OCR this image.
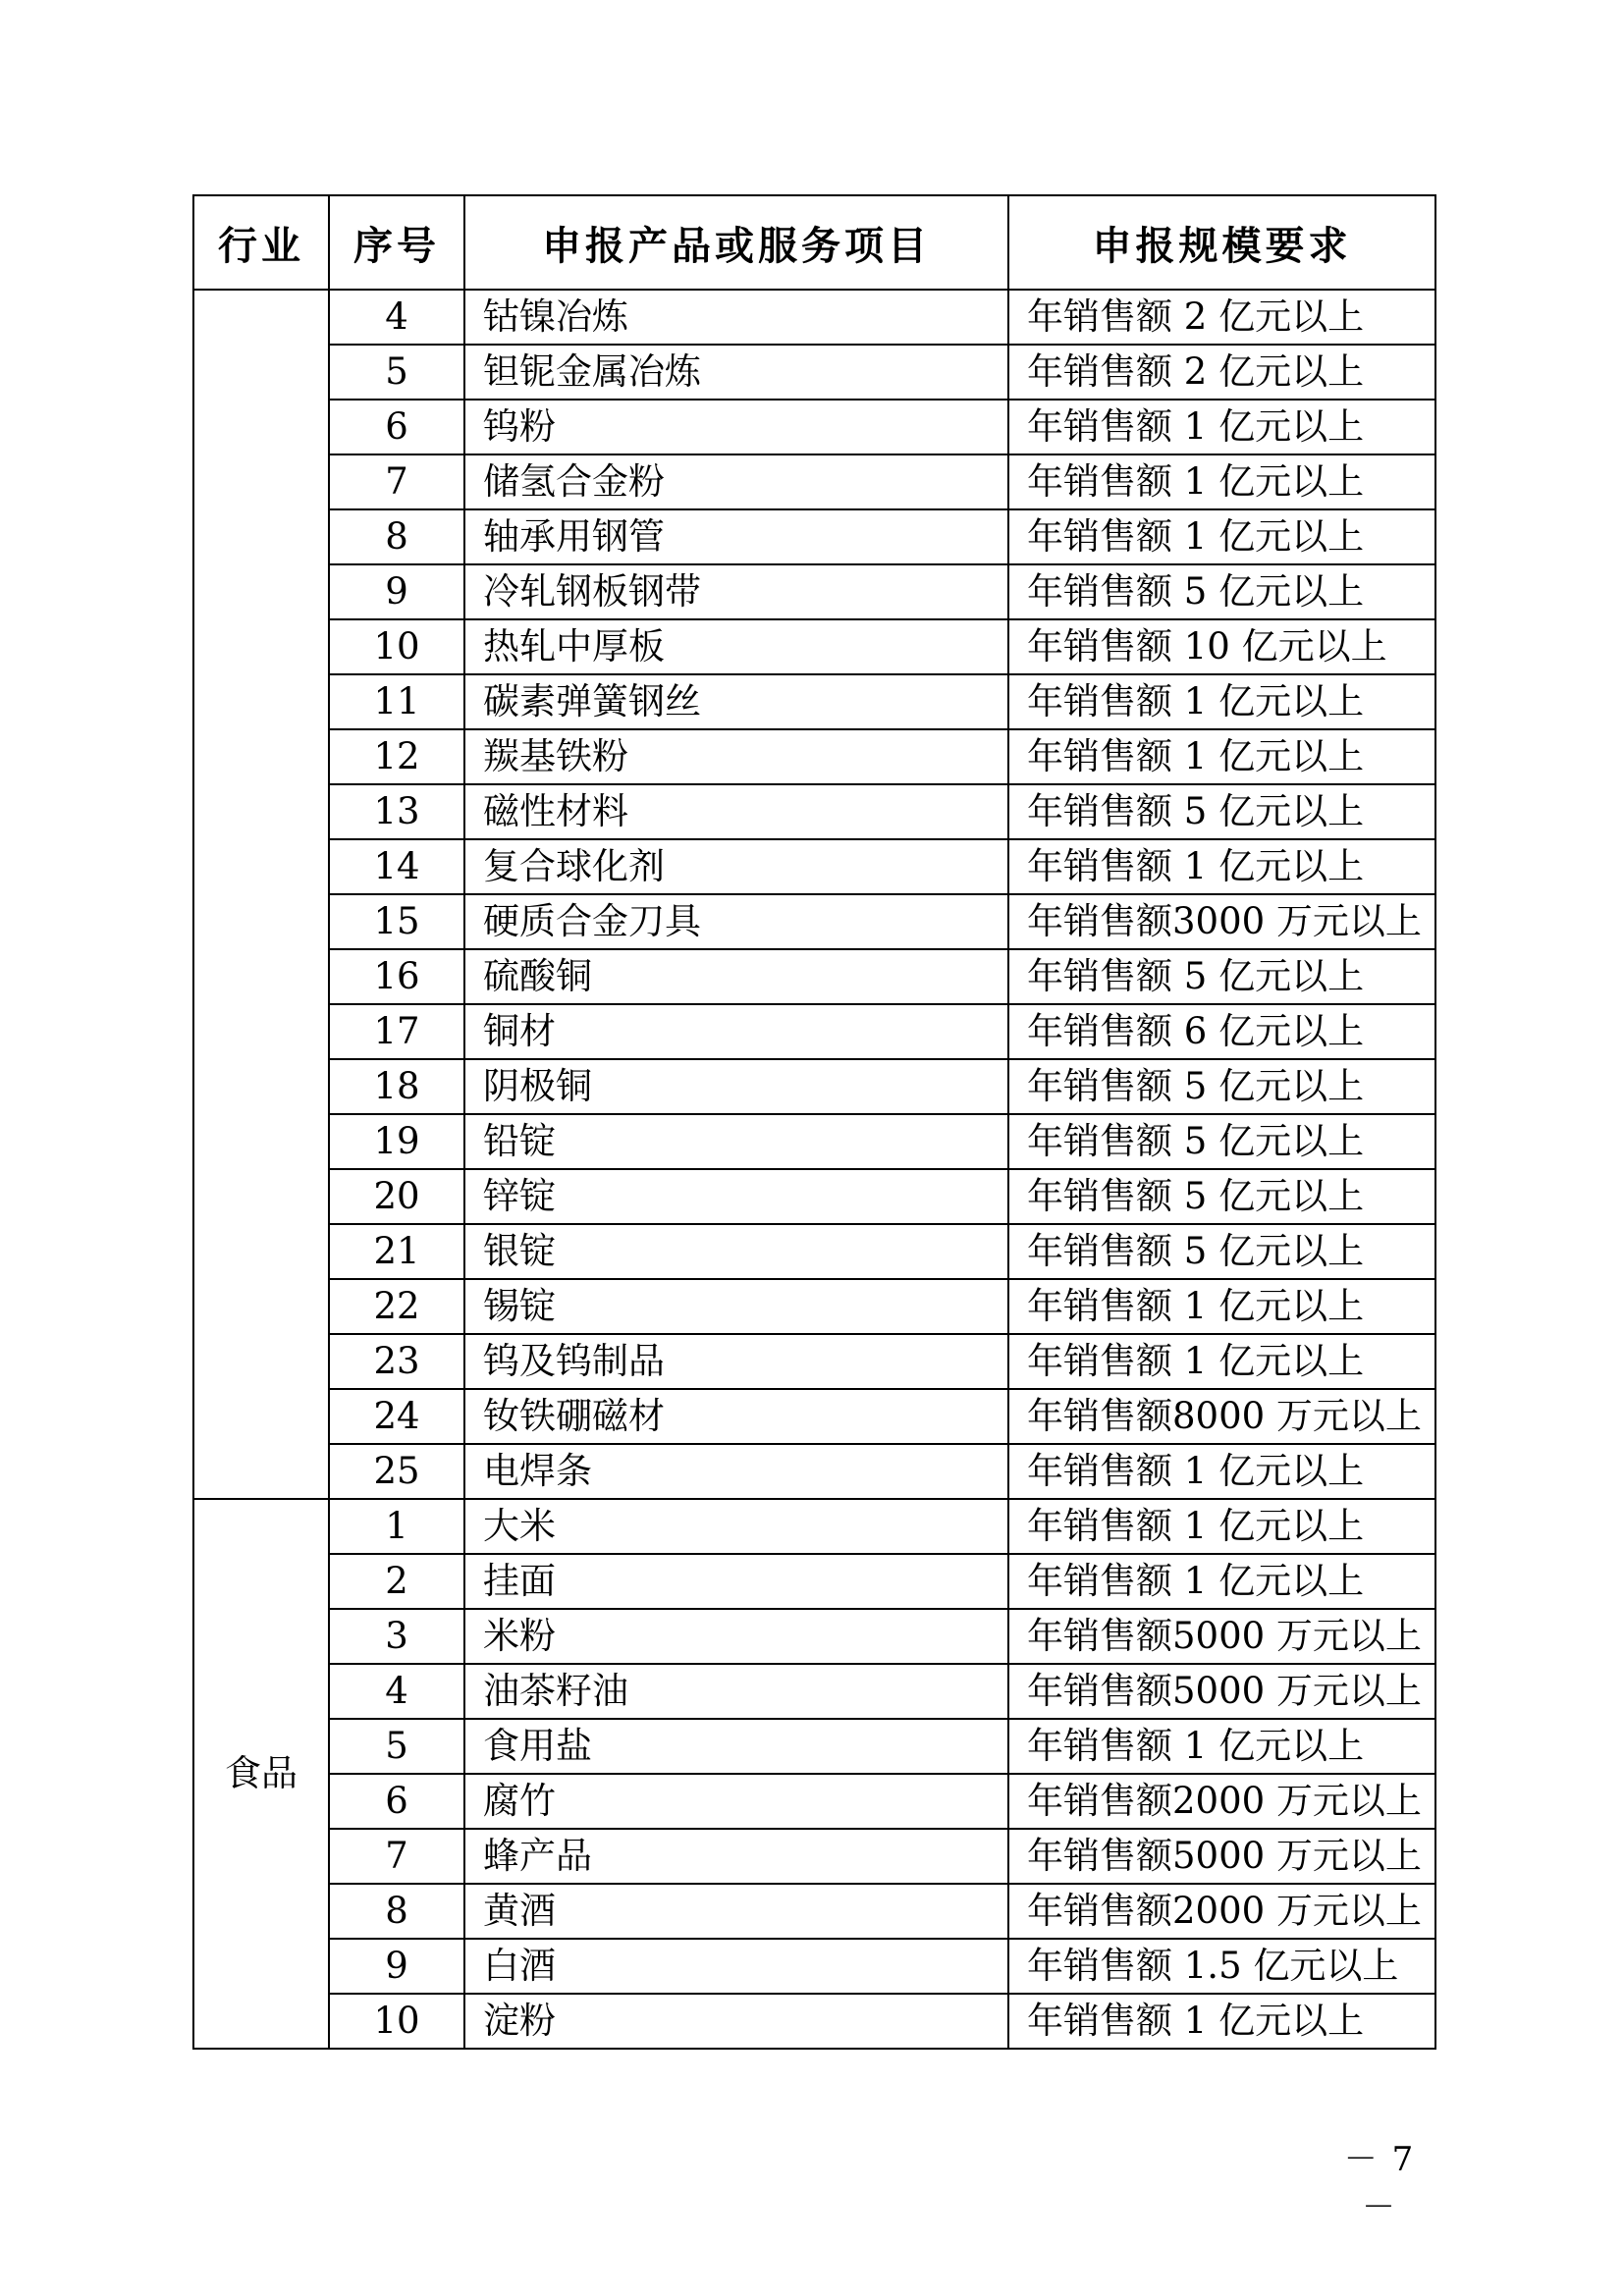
行业	序号	申报产品或服务项目	申报规模要求
	4	钴镍冶炼	年销售额 2 亿元以上
	5	钽铌金属冶炼	年销售额 2 亿元以上
	6	钨粉	年销售额 1 亿元以上
	7	储氢合金粉	年销售额 1 亿元以上
	8	轴承用钢管	年销售额 1 亿元以上
	9	冷轧钢板钢带	年销售额 5 亿元以上
	10	热轧中厚板	年销售额 10 亿元以上
	11	碳素弹簧钢丝	年销售额 1 亿元以上
	12	羰基铁粉	年销售额 1 亿元以上
	13	磁性材料	年销售额 5 亿元以上
	14	复合球化剂	年销售额 1 亿元以上
	15	硬质合金刀具	年销售额3000 万元以上
	16	硫酸铜	年销售额 5 亿元以上
	17	铜材	年销售额 6 亿元以上
	18	阴极铜	年销售额 5 亿元以上
	19	铅锭	年销售额 5 亿元以上
	20	锌锭	年销售额 5 亿元以上
	21	银锭	年销售额 5 亿元以上
	22	锡锭	年销售额 1 亿元以上
	23	钨及钨制品	年销售额 1 亿元以上
	24	钕铁硼磁材	年销售额8000 万元以上
	25	电焊条	年销售额 1 亿元以上
食品	1	大米	年销售额 1 亿元以上
	2	挂面	年销售额 1 亿元以上
	3	米粉	年销售额5000 万元以上
	4	油茶籽油	年销售额5000 万元以上
	5	食用盐	年销售额 1 亿元以上
	6	腐竹	年销售额2000 万元以上
	7	蜂产品	年销售额5000 万元以上
	8	黄酒	年销售额2000 万元以上
	9	白酒	年销售额 1.5 亿元以上
	10	淀粉	年销售额 1 亿元以上
－ 7 －
